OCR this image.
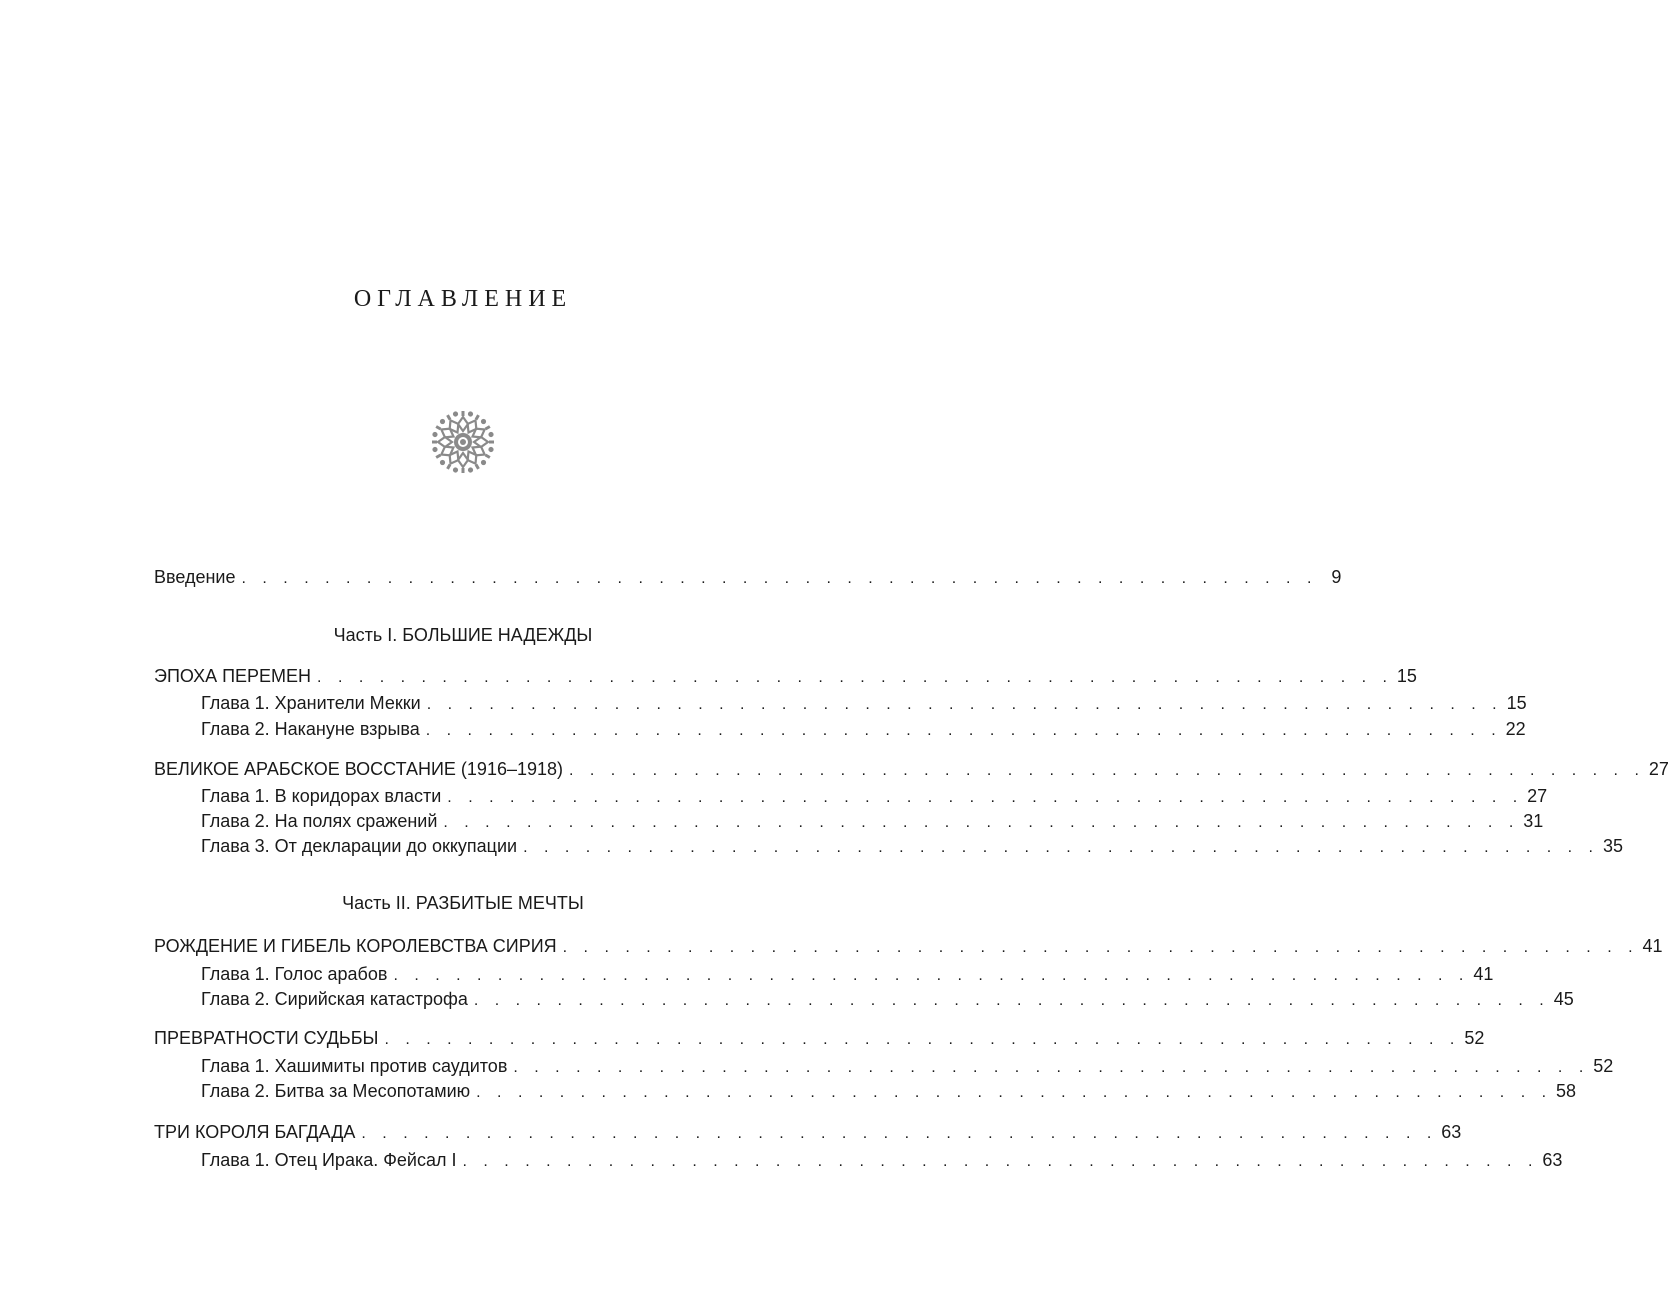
ОГЛАВЛЕНИЕ
Введение . . . . . . . . . . . . . . . . . . . . . . . . . . . . . . . . . . . . . . . . . . . . . . . . . . . . 9
Часть I. БОЛЬШИЕ НАДЕЖДЫ
ЭПОХА ПЕРЕМЕН . . . . . . . . . . . . . . . . . . . . . . . . . . . . . . . . . . . . . . . . . . . . . . . . . . . . 15
Глава 1. Хранители Мекки . . . . . . . . . . . . . . . . . . . . . . . . . . . . . . . . . . . . . . . . . . . . . . . . . . . . 15
Глава 2. Накануне взрыва . . . . . . . . . . . . . . . . . . . . . . . . . . . . . . . . . . . . . . . . . . . . . . . . . . . . 22
ВЕЛИКОЕ АРАБСКОЕ ВОССТАНИЕ (1916–1918) . . . . . . . . . . . . . . . . . . . . . . . . . . . . . . . . . . . . . . . . . . . . . . . . . . . . 27
Глава 1. В коридорах власти . . . . . . . . . . . . . . . . . . . . . . . . . . . . . . . . . . . . . . . . . . . . . . . . . . . . 27
Глава 2. На полях сражений . . . . . . . . . . . . . . . . . . . . . . . . . . . . . . . . . . . . . . . . . . . . . . . . . . . . 31
Глава 3. От декларации до оккупации . . . . . . . . . . . . . . . . . . . . . . . . . . . . . . . . . . . . . . . . . . . . . . . . . . . . 35
Часть II. РАЗБИТЫЕ МЕЧТЫ
РОЖДЕНИЕ И ГИБЕЛЬ КОРОЛЕВСТВА СИРИЯ . . . . . . . . . . . . . . . . . . . . . . . . . . . . . . . . . . . . . . . . . . . . . . . . . . . . 41
Глава 1. Голос арабов . . . . . . . . . . . . . . . . . . . . . . . . . . . . . . . . . . . . . . . . . . . . . . . . . . . . 41
Глава 2. Сирийская катастрофа . . . . . . . . . . . . . . . . . . . . . . . . . . . . . . . . . . . . . . . . . . . . . . . . . . . . 45
ПРЕВРАТНОСТИ СУДЬБЫ . . . . . . . . . . . . . . . . . . . . . . . . . . . . . . . . . . . . . . . . . . . . . . . . . . . . 52
Глава 1. Хашимиты против саудитов . . . . . . . . . . . . . . . . . . . . . . . . . . . . . . . . . . . . . . . . . . . . . . . . . . . . 52
Глава 2. Битва за Месопотамию . . . . . . . . . . . . . . . . . . . . . . . . . . . . . . . . . . . . . . . . . . . . . . . . . . . . 58
ТРИ КОРОЛЯ БАГДАДА . . . . . . . . . . . . . . . . . . . . . . . . . . . . . . . . . . . . . . . . . . . . . . . . . . . . 63
Глава 1. Отец Ирака. Фейсал I . . . . . . . . . . . . . . . . . . . . . . . . . . . . . . . . . . . . . . . . . . . . . . . . . . . . 63
